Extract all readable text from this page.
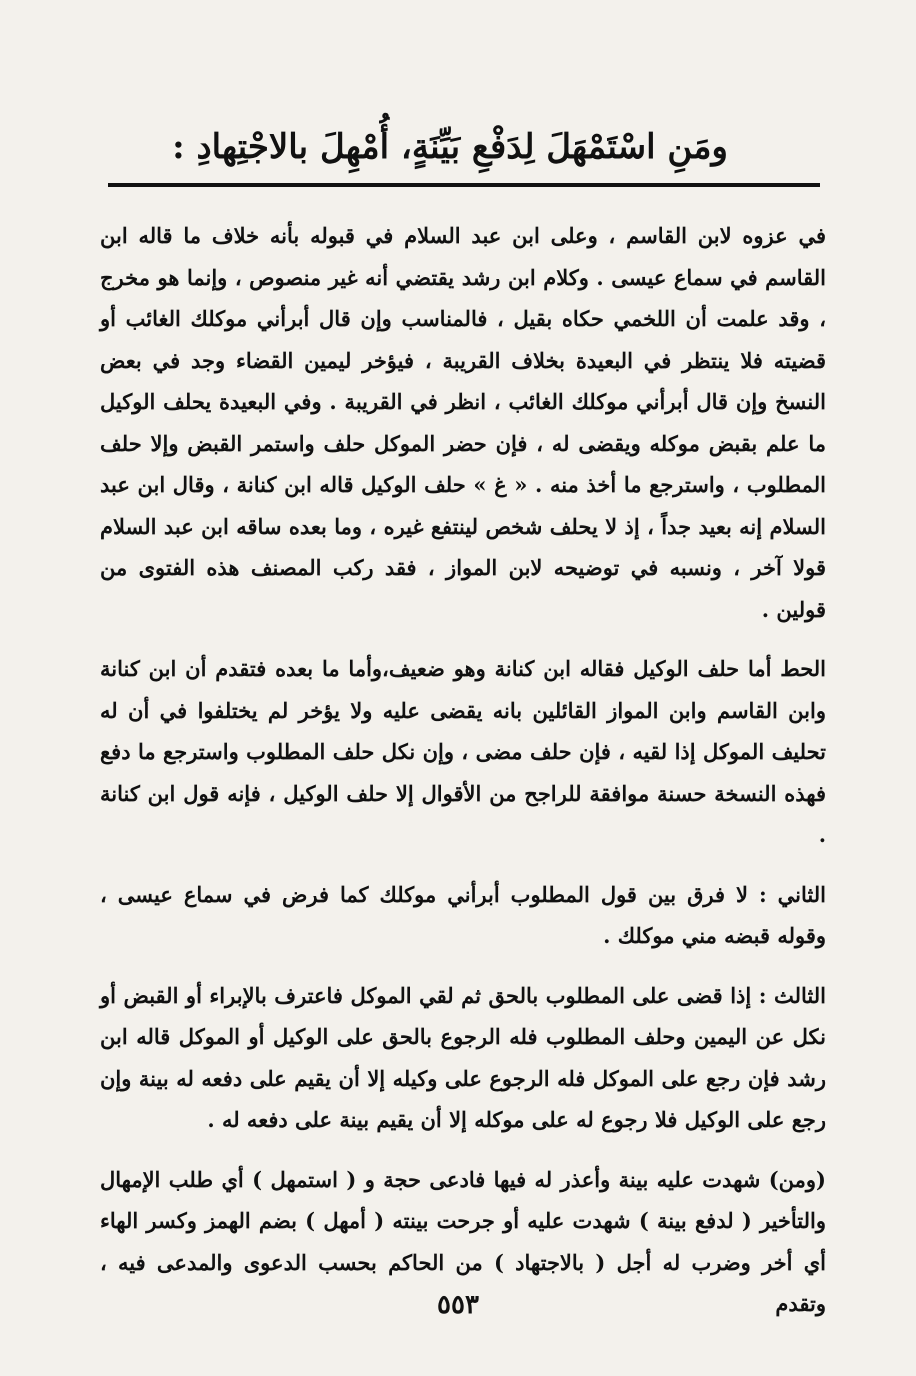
ومَنِ اسْتَمْهَلَ لِدَفْعِ بَيِّنَةٍ، أُمْهِلَ بالاجْتِهادِ :

في عزوه لابن القاسم ، وعلى ابن عبد السلام في قبوله بأنه خلاف ما قاله ابن القاسم في سماع عيسى . وكلام ابن رشد يقتضي أنه غير منصوص ، وإنما هو مخرج ، وقد علمت أن اللخمي حكاه بقيل ، فالمناسب وإن قال أبرأني موكلك الغائب أو قضيته فلا ينتظر في البعيدة بخلاف القريبة ، فيؤخر ليمين القضاء وجد في بعض النسخ وإن قال أبرأني موكلك الغائب ، انظر في القريبة . وفي البعيدة يحلف الوكيل ما علم بقبض موكله ويقضى له ، فإن حضر الموكل حلف واستمر القبض وإلا حلف المطلوب ، واسترجع ما أخذ منه . « غ » حلف الوكيل قاله ابن كنانة ، وقال ابن عبد السلام إنه بعيد جداً ، إذ لا يحلف شخص لينتفع غيره ، وما بعده ساقه ابن عبد السلام قولا آخر ، ونسبه في توضيحه لابن المواز ، فقد ركب المصنف هذه الفتوى من قولين .

الحط أما حلف الوكيل فقاله ابن كنانة وهو ضعيف،وأما ما بعده فتقدم أن ابن كنانة وابن القاسم وابن المواز القائلين بانه يقضى عليه ولا يؤخر لم يختلفوا في أن له تحليف الموكل إذا لقيه ، فإن حلف مضى ، وإن نكل حلف المطلوب واسترجع ما دفع فهذه النسخة حسنة موافقة للراجح من الأقوال إلا حلف الوكيل ، فإنه قول ابن كنانة .

الثاني : لا فرق بين قول المطلوب أبرأني موكلك كما فرض في سماع عيسى ، وقوله قبضه مني موكلك .

الثالث : إذا قضى على المطلوب بالحق ثم لقي الموكل فاعترف بالإبراء أو القبض أو نكل عن اليمين وحلف المطلوب فله الرجوع بالحق على الوكيل أو الموكل قاله ابن رشد فإن رجع على الموكل فله الرجوع على وكيله إلا أن يقيم على دفعه له بينة وإن رجع على الوكيل فلا رجوع له على موكله إلا أن يقيم بينة على دفعه له .

(ومن) شهدت عليه بينة وأعذر له فيها فادعى حجة و ( استمهل ) أي طلب الإمهال والتأخير ( لدفع بينة ) شهدت عليه أو جرحت بينته ( أمهل ) بضم الهمز وكسر الهاء أي أخر وضرب له أجل ( بالاجتهاد ) من الحاكم بحسب الدعوى والمدعى فيه ، وتقدم

٥٥٣
